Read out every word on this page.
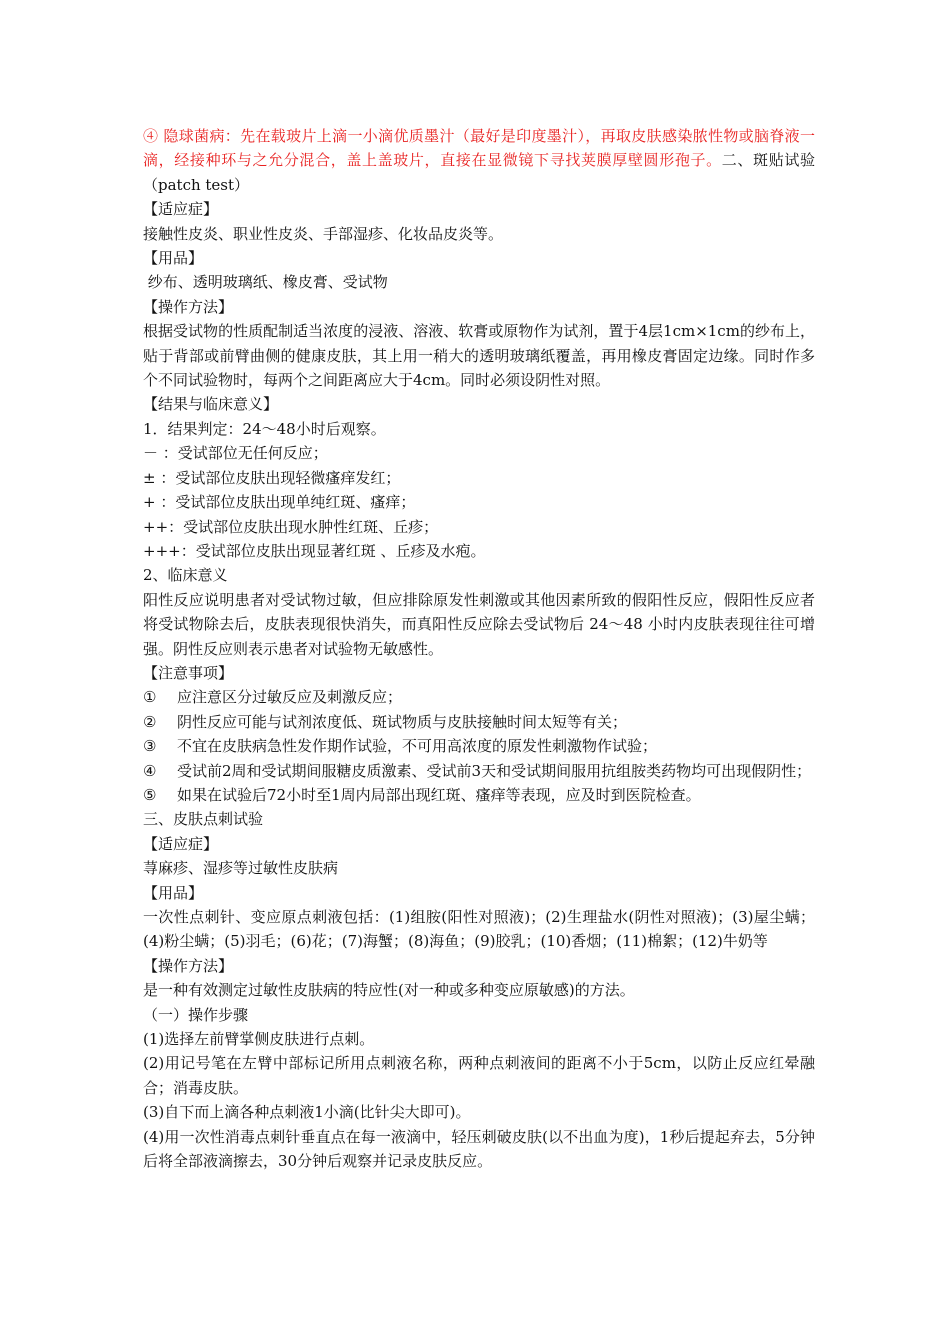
④ 隐球菌病：先在载玻片上滴一小滴优质墨汁（最好是印度墨汁），再取皮肤感染脓性物或脑脊液一滴，经接种环与之允分混合，盖上盖玻片，直接在显微镜下寻找荚膜厚壁圆形孢子。二、斑贴试验（patch test）

【适应症】

接触性皮炎、职业性皮炎、手部湿疹、化妆品皮炎等。

【用品】

纱布、透明玻璃纸、橡皮膏、受试物

【操作方法】

根据受试物的性质配制适当浓度的浸液、溶液、软膏或原物作为试剂，置于4层1cm×1cm的纱布上，贴于背部或前臂曲侧的健康皮肤，其上用一稍大的透明玻璃纸覆盖，再用橡皮膏固定边缘。同时作多个不同试验物时，每两个之间距离应大于4cm。同时必须设阴性对照。

【结果与临床意义】

1．结果判定：24～48小时后观察。

－ ：受试部位无任何反应；

± ：受试部位皮肤出现轻微瘙痒发红；

+ ：受试部位皮肤出现单纯红斑、瘙痒；

++：受试部位皮肤出现水肿性红斑、丘疹；

+++：受试部位皮肤出现显著红斑 、丘疹及水疱。

2、临床意义

阳性反应说明患者对受试物过敏，但应排除原发性刺激或其他因素所致的假阳性反应，假阳性反应者将受试物除去后，皮肤表现很快消失，而真阳性反应除去受试物后 24～48 小时内皮肤表现往往可增强。阴性反应则表示患者对试验物无敏感性。

【注意事项】

① 应注意区分过敏反应及刺激反应；

② 阴性反应可能与试剂浓度低、斑试物质与皮肤接触时间太短等有关；

③ 不宜在皮肤病急性发作期作试验，不可用高浓度的原发性刺激物作试验；

④ 受试前2周和受试期间服糖皮质激素、受试前3天和受试期间服用抗组胺类药物均可出现假阴性；

⑤ 如果在试验后72小时至1周内局部出现红斑、瘙痒等表现，应及时到医院检查。

三、皮肤点刺试验

【适应症】

荨麻疹、湿疹等过敏性皮肤病

【用品】

一次性点刺针、变应原点刺液包括：(1)组胺(阳性对照液)；(2)生理盐水(阴性对照液)；(3)屋尘螨；(4)粉尘螨；(5)羽毛；(6)花；(7)海蟹；(8)海鱼；(9)胶乳；(10)香烟；(11)棉絮；(12)牛奶等

【操作方法】

是一种有效测定过敏性皮肤病的特应性(对一种或多种变应原敏感)的方法。

（一）操作步骤

(1)选择左前臂掌侧皮肤进行点刺。

(2)用记号笔在左臂中部标记所用点刺液名称，两种点刺液间的距离不小于5cm，以防止反应红晕融合；消毒皮肤。

(3)自下而上滴各种点刺液1小滴(比针尖大即可)。

(4)用一次性消毒点刺针垂直点在每一液滴中，轻压刺破皮肤(以不出血为度)，1秒后提起弃去，5分钟后将全部液滴擦去，30分钟后观察并记录皮肤反应。
